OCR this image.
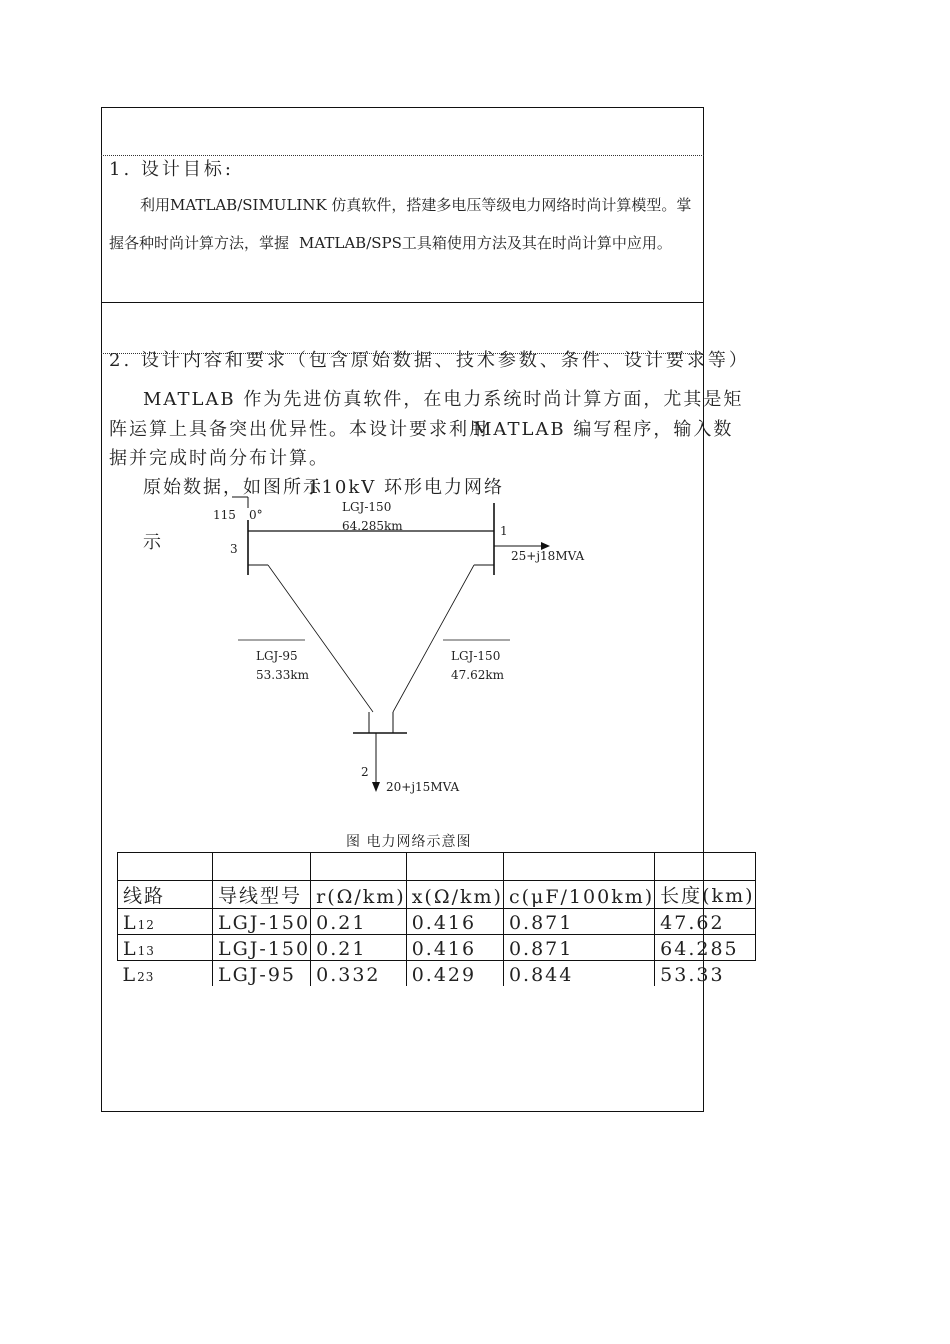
1. 设计目标:
利用MATLAB/SIMULINK 仿真软件，搭建多电压等级电力网络时尚计算模型。掌
握各种时尚计算方法，掌握 MATLAB/SPS工具箱使用方法及其在时尚计算中应用。
2. 设计内容和要求（包含原始数据、技术参数、条件、设计要求等）
MATLAB 作为先进仿真软件，在电力系统时尚计算方面，尤其是矩
阵运算上具备突出优异性。本设计要求利用
MATLAB 编写程序，输入数
据并完成时尚分布计算。
原始数据，如图所示
110kV 环形电力网络
示
115 0°
3
1
2
LGJ-150
64.285km
25+j18MVA
LGJ-95
53.33km
LGJ-150
47.62km
20+j15MVA
图 电力网络示意图

线路	导线型号	r(Ω/km)	x(Ω/km)	c(μF/100km)	长度(km)
L12	LGJ-150	0.21	0.416	0.871	47.62
L13	LGJ-150	0.21	0.416	0.871	64.285
L23	LGJ-95	0.332	0.429	0.844	53.33
